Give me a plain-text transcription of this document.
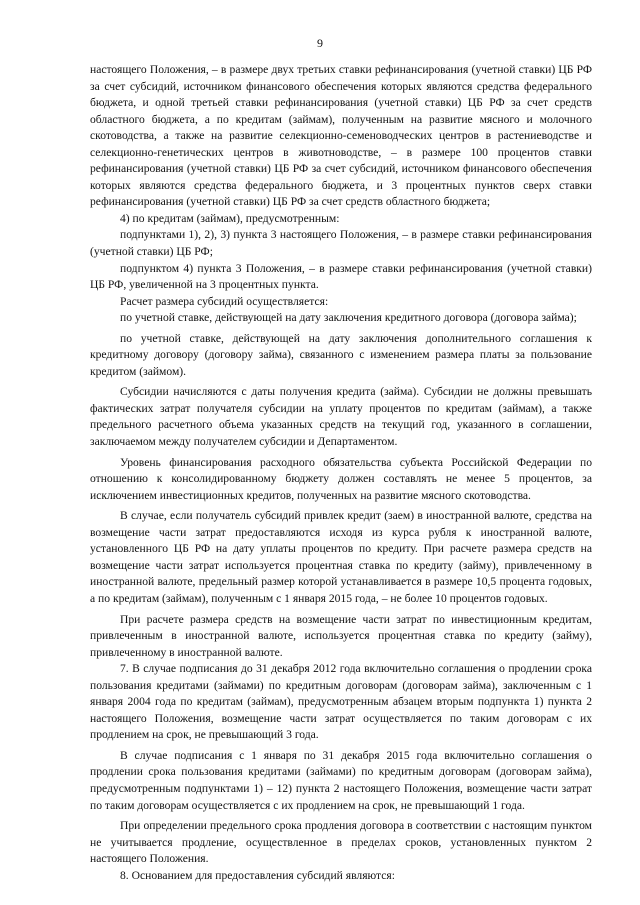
9

настоящего Положения, – в размере двух третьих ставки рефинансирования (учетной ставки) ЦБ РФ за счет субсидий, источником финансового обеспечения которых являются средства федерального бюджета, и одной третьей ставки рефинансирования (учетной ставки) ЦБ РФ за счет средств областного бюджета, а по кредитам (займам), полученным на развитие мясного и молочного скотоводства, а также на развитие селекционно-семеноводческих центров в растениеводстве и селекционно-генетических центров в животноводстве, – в размере 100 процентов ставки рефинансирования (учетной ставки) ЦБ РФ за счет субсидий, источником финансового обеспечения которых являются средства федерального бюджета, и 3 процентных пунктов сверх ставки рефинансирования (учетной ставки) ЦБ РФ за счет средств областного бюджета;

4) по кредитам (займам), предусмотренным:

подпунктами 1), 2), 3) пункта 3 настоящего Положения, – в размере ставки рефинансирования (учетной ставки) ЦБ РФ;

подпунктом 4) пункта 3 Положения, – в размере ставки рефинансирования (учетной ставки) ЦБ РФ, увеличенной на 3 процентных пункта.

Расчет размера субсидий осуществляется:

по учетной ставке, действующей на дату заключения кредитного договора (договора займа);

по учетной ставке, действующей на дату заключения дополнительного соглашения к кредитному договору (договору займа), связанного с изменением размера платы за пользование кредитом (займом).

Субсидии начисляются с даты получения кредита (займа). Субсидии не должны превышать фактических затрат получателя субсидии на уплату процентов по кредитам (займам), а также предельного расчетного объема указанных средств на текущий год, указанного в соглашении, заключаемом между получателем субсидии и Департаментом.

Уровень финансирования расходного обязательства субъекта Российской Федерации по отношению к консолидированному бюджету должен составлять не менее 5 процентов, за исключением инвестиционных кредитов, полученных на развитие мясного скотоводства.

В случае, если получатель субсидий привлек кредит (заем) в иностранной валюте, средства на возмещение части затрат предоставляются исходя из курса рубля к иностранной валюте, установленного ЦБ РФ на дату уплаты процентов по кредиту. При расчете размера средств на возмещение части затрат используется процентная ставка по кредиту (займу), привлеченному в иностранной валюте, предельный размер которой устанавливается в размере 10,5 процента годовых, а по кредитам (займам), полученным с 1 января 2015 года, – не более 10 процентов годовых.

При расчете размера средств на возмещение части затрат по инвестиционным кредитам, привлеченным в иностранной валюте, используется процентная ставка по кредиту (займу), привлеченному в иностранной валюте.

7. В случае подписания до 31 декабря 2012 года включительно соглашения о продлении срока пользования кредитами (займами) по кредитным договорам (договорам займа), заключенным с 1 января 2004 года по кредитам (займам), предусмотренным абзацем вторым подпункта 1) пункта 2 настоящего Положения, возмещение части затрат осуществляется по таким договорам с их продлением на срок, не превышающий 3 года.

В случае подписания с 1 января по 31 декабря 2015 года включительно соглашения о продлении срока пользования кредитами (займами) по кредитным договорам (договорам займа), предусмотренным подпунктами 1) – 12) пункта 2 настоящего Положения, возмещение части затрат по таким договорам осуществляется с их продлением на срок, не превышающий 1 года.

При определении предельного срока продления договора в соответствии с настоящим пунктом не учитывается продление, осуществленное в пределах сроков, установленных пунктом 2 настоящего Положения.

8. Основанием для предоставления субсидий являются:
